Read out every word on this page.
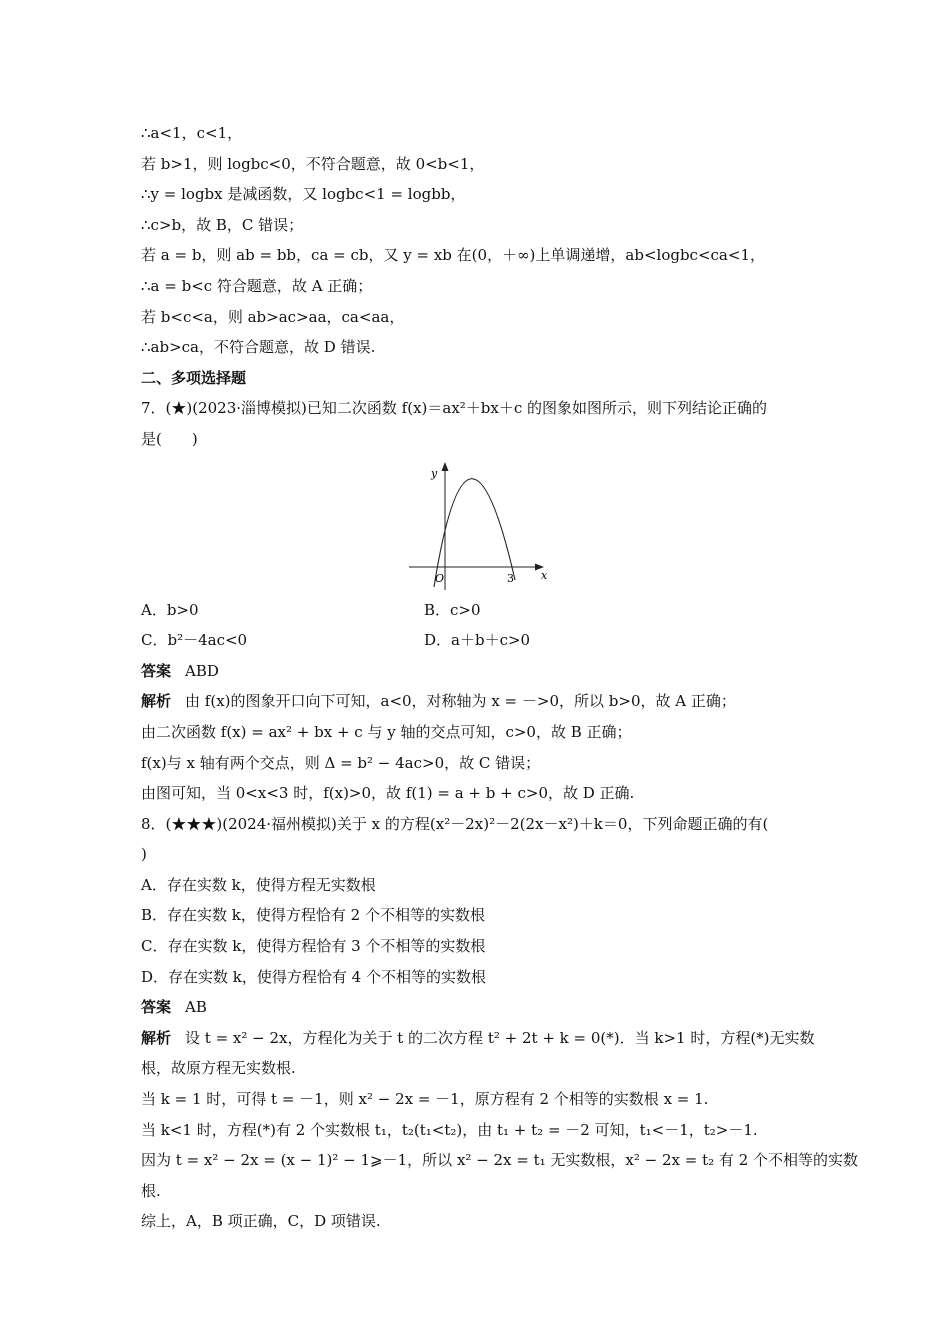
∴a<1，c<1，
若 b>1，则 logbc<0，不符合题意，故 0<b<1，
∴y = logbx 是减函数，又 logbc<1 = logbb，
∴c>b，故 B，C 错误；
若 a = b，则 ab = bb，ca = cb，又 y = xb 在(0，＋∞)上单调递增，ab<logbc<ca<1，
∴a = b<c 符合题意，故 A 正确；
若 b<c<a，则 ab>ac>aa，ca<aa，
∴ab>ca，不符合题意，故 D 错误.
二、多项选择题
7．(★)(2023·淄博模拟)已知二次函数 f(x)＝ax²＋bx＋c 的图象如图所示，则下列结论正确的
是(　　)
y
x
O	3
A．b>0	B．c>0
C．b²－4ac<0	D．a＋b＋c>0
答案 ABD
解析 由 f(x)的图象开口向下可知，a<0，对称轴为 x = －>0，所以 b>0，故 A 正确；
由二次函数 f(x) = ax² + bx + c 与 y 轴的交点可知，c>0，故 B 正确；
f(x)与 x 轴有两个交点，则 Δ = b² − 4ac>0，故 C 错误；
由图可知，当 0<x<3 时，f(x)>0，故 f(1) = a + b + c>0，故 D 正确.
8．(★★★)(2024·福州模拟)关于 x 的方程(x²－2x)²－2(2x－x²)＋k＝0，下列命题正确的有(
)
A．存在实数 k，使得方程无实数根
B．存在实数 k，使得方程恰有 2 个不相等的实数根
C．存在实数 k，使得方程恰有 3 个不相等的实数根
D．存在实数 k，使得方程恰有 4 个不相等的实数根
答案 AB
解析 设 t = x² − 2x，方程化为关于 t 的二次方程 t² + 2t + k = 0(*)．当 k>1 时，方程(*)无实数
根，故原方程无实数根.
当 k = 1 时，可得 t = －1，则 x² − 2x = －1，原方程有 2 个相等的实数根 x = 1.
当 k<1 时，方程(*)有 2 个实数根 t₁，t₂(t₁<t₂)，由 t₁ + t₂ = －2 可知，t₁<－1，t₂>－1.
因为 t = x² − 2x = (x − 1)² − 1⩾－1，所以 x² − 2x = t₁ 无实数根，x² − 2x = t₂ 有 2 个不相等的实数
根.
综上，A，B 项正确，C，D 项错误.
